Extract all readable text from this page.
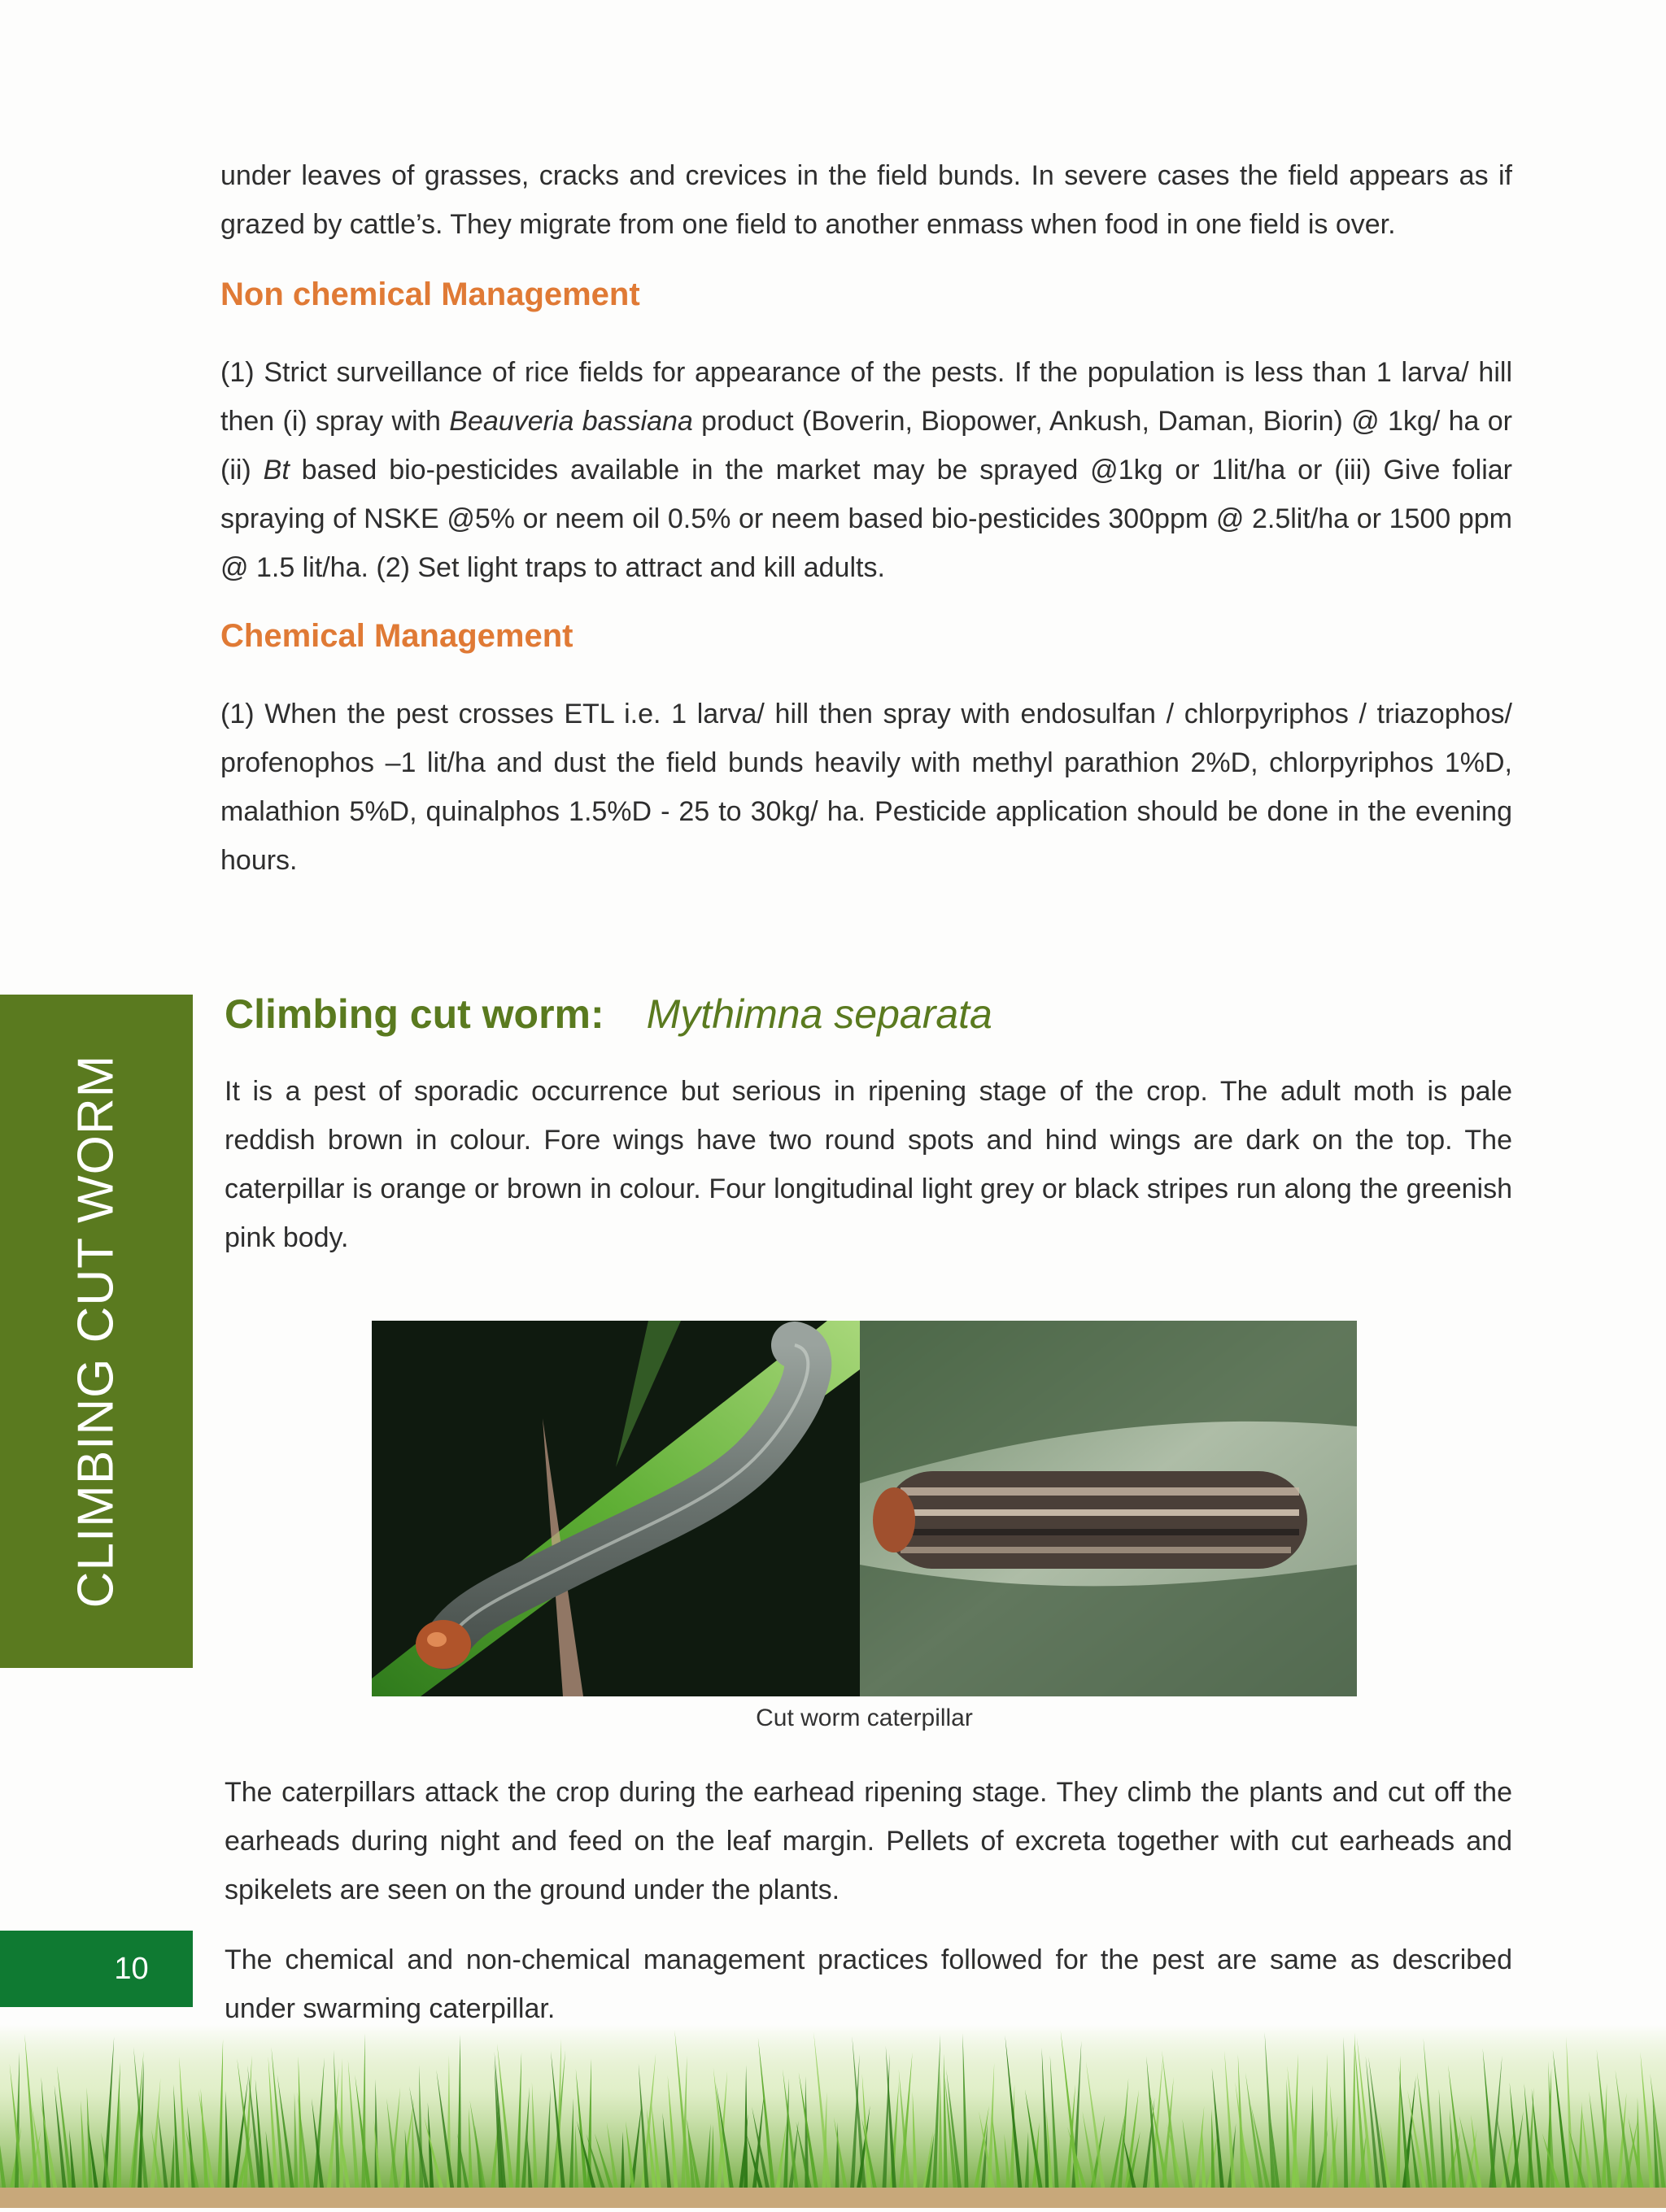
under leaves of grasses, cracks and crevices in the field bunds. In severe cases the field appears as if grazed by cattle’s. They migrate from one field to another enmass when food in one field is over.

Non chemical Management

(1) Strict surveillance of rice fields for appearance of the pests. If the population is less than 1 larva/ hill then (i) spray with Beauveria bassiana product (Boverin, Biopower, Ankush, Daman, Biorin) @ 1kg/ ha or (ii) Bt based bio-pesticides available in the market may be sprayed @1kg or 1lit/ha or (iii) Give foliar spraying of NSKE @5% or neem oil 0.5% or neem based bio-pesticides 300ppm @ 2.5lit/ha or 1500 ppm @ 1.5 lit/ha. (2) Set light traps to attract and kill adults.

Chemical Management

(1) When the pest crosses ETL i.e. 1 larva/ hill then spray with endosulfan / chlorpyriphos / triazophos/ profenophos –1 lit/ha and dust the field bunds heavily with methyl parathion 2%D, chlorpyriphos 1%D, malathion 5%D, quinalphos 1.5%D - 25 to 30kg/ ha. Pesticide application should be done in the evening hours.

CLIMBING CUT WORM
Climbing cut worm: Mythimna separata

It is a pest of sporadic occurrence but serious in ripening stage of the crop. The adult moth is pale reddish brown in colour. Fore wings have two round spots and hind wings are dark on the top. The caterpillar is orange or brown in colour. Four longitudinal light grey or black stripes run along the greenish pink body.

Cut worm caterpillar

The caterpillars attack the crop during the earhead ripening stage. They climb the plants and cut off the earheads during night and feed on the leaf margin. Pellets of excreta together with cut earheads and spikelets are seen on the ground under the plants.

10	The chemical and non-chemical management practices followed for the pest are same as described under swarming caterpillar.
